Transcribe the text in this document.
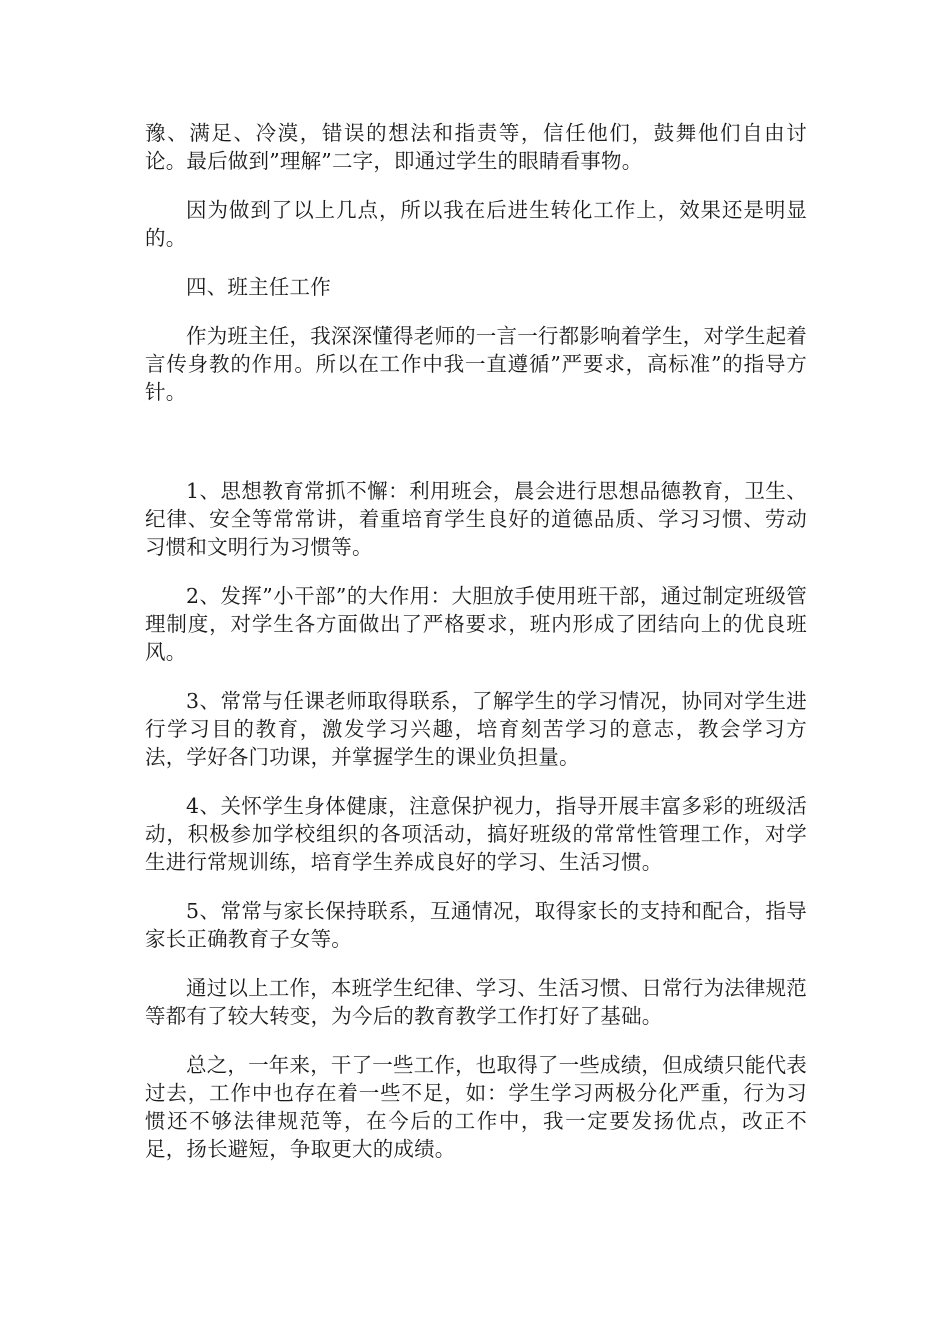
豫、满足、冷漠，错误的想法和指责等，信任他们，鼓舞他们自由讨论。最后做到”理解”二字，即通过学生的眼睛看事物。

因为做到了以上几点，所以我在后进生转化工作上，效果还是明显的。

四、班主任工作

作为班主任，我深深懂得老师的一言一行都影响着学生，对学生起着言传身教的作用。所以在工作中我一直遵循”严要求，高标准”的指导方针。

1、思想教育常抓不懈：利用班会，晨会进行思想品德教育，卫生、纪律、安全等常常讲，着重培育学生良好的道德品质、学习习惯、劳动习惯和文明行为习惯等。

2、发挥”小干部”的大作用：大胆放手使用班干部，通过制定班级管理制度，对学生各方面做出了严格要求，班内形成了团结向上的优良班风。

3、常常与任课老师取得联系，了解学生的学习情况，协同对学生进行学习目的教育，激发学习兴趣，培育刻苦学习的意志，教会学习方法，学好各门功课，并掌握学生的课业负担量。

4、关怀学生身体健康，注意保护视力，指导开展丰富多彩的班级活动，积极参加学校组织的各项活动，搞好班级的常常性管理工作，对学生进行常规训练，培育学生养成良好的学习、生活习惯。

5、常常与家长保持联系，互通情况，取得家长的支持和配合，指导家长正确教育子女等。

通过以上工作，本班学生纪律、学习、生活习惯、日常行为法律规范等都有了较大转变，为今后的教育教学工作打好了基础。

总之，一年来，干了一些工作，也取得了一些成绩，但成绩只能代表过去，工作中也存在着一些不足，如：学生学习两极分化严重，行为习惯还不够法律规范等，在今后的工作中，我一定要发扬优点，改正不足，扬长避短，争取更大的成绩。
